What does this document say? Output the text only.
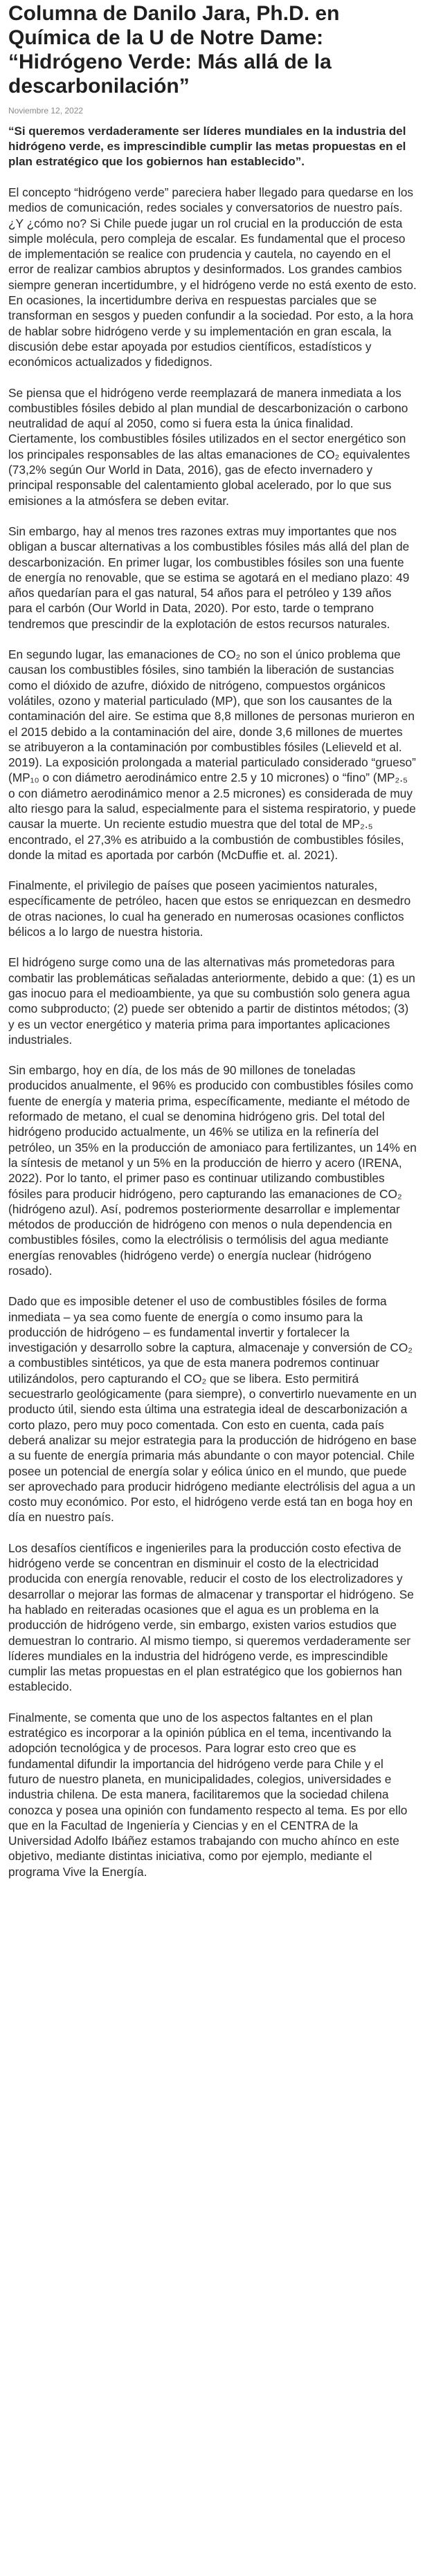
Columna de Danilo Jara, Ph.D. en Química de la U de Notre Dame: “Hidrógeno Verde: Más allá de la descarbonilación”
Noviembre 12, 2022

“Si queremos verdaderamente ser líderes mundiales en la industria del hidrógeno verde, es imprescindible cumplir las metas propuestas en el plan estratégico que los gobiernos han establecido”.

El concepto “hidrógeno verde” pareciera haber llegado para quedarse en los medios de comunicación, redes sociales y conversatorios de nuestro país. ¿Y ¿cómo no? Si Chile puede jugar un rol crucial en la producción de esta simple molécula, pero compleja de escalar. Es fundamental que el proceso de implementación se realice con prudencia y cautela, no cayendo en el error de realizar cambios abruptos y desinformados. Los grandes cambios siempre generan incertidumbre, y el hidrógeno verde no está exento de esto. En ocasiones, la incertidumbre deriva en respuestas parciales que se transforman en sesgos y pueden confundir a la sociedad. Por esto, a la hora de hablar sobre hidrógeno verde y su implementación en gran escala, la discusión debe estar apoyada por estudios científicos, estadísticos y económicos actualizados y fidedignos.

Se piensa que el hidrógeno verde reemplazará de manera inmediata a los combustibles fósiles debido al plan mundial de descarbonización o carbono neutralidad de aquí al 2050, como si fuera esta la única finalidad. Ciertamente, los combustibles fósiles utilizados en el sector energético son los principales responsables de las altas emanaciones de CO₂ equivalentes (73,2% según Our World in Data, 2016), gas de efecto invernadero y principal responsable del calentamiento global acelerado, por lo que sus emisiones a la atmósfera se deben evitar.

Sin embargo, hay al menos tres razones extras muy importantes que nos obligan a buscar alternativas a los combustibles fósiles más allá del plan de descarbonización. En primer lugar, los combustibles fósiles son una fuente de energía no renovable, que se estima se agotará en el mediano plazo: 49 años quedarían para el gas natural, 54 años para el petróleo y 139 años para el carbón (Our World in Data, 2020). Por esto, tarde o temprano tendremos que prescindir de la explotación de estos recursos naturales.

En segundo lugar, las emanaciones de CO₂ no son el único problema que causan los combustibles fósiles, sino también la liberación de sustancias como el dióxido de azufre, dióxido de nitrógeno, compuestos orgánicos volátiles, ozono y material particulado (MP), que son los causantes de la contaminación del aire. Se estima que 8,8 millones de personas murieron en el 2015 debido a la contaminación del aire, donde 3,6 millones de muertes se atribuyeron a la contaminación por combustibles fósiles (Lelieveld et al. 2019). La exposición prolongada a material particulado considerado “grueso” (MP₁₀ o con diámetro aerodinámico entre 2.5 y 10 micrones) o “fino” (MP₂.₅ o con diámetro aerodinámico menor a 2.5 micrones) es considerada de muy alto riesgo para la salud, especialmente para el sistema respiratorio, y puede causar la muerte. Un reciente estudio muestra que del total de MP₂.₅ encontrado, el 27,3% es atribuido a la combustión de combustibles fósiles, donde la mitad es aportada por carbón (McDuffie et. al. 2021).

Finalmente, el privilegio de países que poseen yacimientos naturales, específicamente de petróleo, hacen que estos se enriquezcan en desmedro de otras naciones, lo cual ha generado en numerosas ocasiones conflictos bélicos a lo largo de nuestra historia.

El hidrógeno surge como una de las alternativas más prometedoras para combatir las problemáticas señaladas anteriormente, debido a que: (1) es un gas inocuo para el medioambiente, ya que su combustión solo genera agua como subproducto; (2) puede ser obtenido a partir de distintos métodos; (3) y es un vector energético y materia prima para importantes aplicaciones industriales.

Sin embargo, hoy en día, de los más de 90 millones de toneladas producidos anualmente, el 96% es producido con combustibles fósiles como fuente de energía y materia prima, específicamente, mediante el método de reformado de metano, el cual se denomina hidrógeno gris. Del total del hidrógeno producido actualmente, un 46% se utiliza en la refinería del petróleo, un 35% en la producción de amoniaco para fertilizantes, un 14% en la síntesis de metanol y un 5% en la producción de hierro y acero (IRENA, 2022). Por lo tanto, el primer paso es continuar utilizando combustibles fósiles para producir hidrógeno, pero capturando las emanaciones de CO₂ (hidrógeno azul). Así, podremos posteriormente desarrollar e implementar métodos de producción de hidrógeno con menos o nula dependencia en combustibles fósiles, como la electrólisis o termólisis del agua mediante energías renovables (hidrógeno verde) o energía nuclear (hidrógeno rosado).

Dado que es imposible detener el uso de combustibles fósiles de forma inmediata – ya sea como fuente de energía o como insumo para la producción de hidrógeno – es fundamental invertir y fortalecer la investigación y desarrollo sobre la captura, almacenaje y conversión de CO₂ a combustibles sintéticos, ya que de esta manera podremos continuar utilizándolos, pero capturando el CO₂ que se libera. Esto permitirá secuestrarlo geológicamente (para siempre), o convertirlo nuevamente en un producto útil, siendo esta última una estrategia ideal de descarbonización a corto plazo, pero muy poco comentada. Con esto en cuenta, cada país deberá analizar su mejor estrategia para la producción de hidrógeno en base a su fuente de energía primaria más abundante o con mayor potencial. Chile posee un potencial de energía solar y eólica único en el mundo, que puede ser aprovechado para producir hidrógeno mediante electrólisis del agua a un costo muy económico. Por esto, el hidrógeno verde está tan en boga hoy en día en nuestro país.

Los desafíos científicos e ingenieriles para la producción costo efectiva de hidrógeno verde se concentran en disminuir el costo de la electricidad producida con energía renovable, reducir el costo de los electrolizadores y desarrollar o mejorar las formas de almacenar y transportar el hidrógeno. Se ha hablado en reiteradas ocasiones que el agua es un problema en la producción de hidrógeno verde, sin embargo, existen varios estudios que demuestran lo contrario. Al mismo tiempo, si queremos verdaderamente ser líderes mundiales en la industria del hidrógeno verde, es imprescindible cumplir las metas propuestas en el plan estratégico que los gobiernos han establecido.

Finalmente, se comenta que uno de los aspectos faltantes en el plan estratégico es incorporar a la opinión pública en el tema, incentivando la adopción tecnológica y de procesos. Para lograr esto creo que es fundamental difundir la importancia del hidrógeno verde para Chile y el futuro de nuestro planeta, en municipalidades, colegios, universidades e industria chilena. De esta manera, facilitaremos que la sociedad chilena conozca y posea una opinión con fundamento respecto al tema. Es por ello que en la Facultad de Ingeniería y Ciencias y en el CENTRA de la Universidad Adolfo Ibáñez estamos trabajando con mucho ahínco en este objetivo, mediante distintas iniciativa, como por ejemplo, mediante el programa Vive la Energía.
